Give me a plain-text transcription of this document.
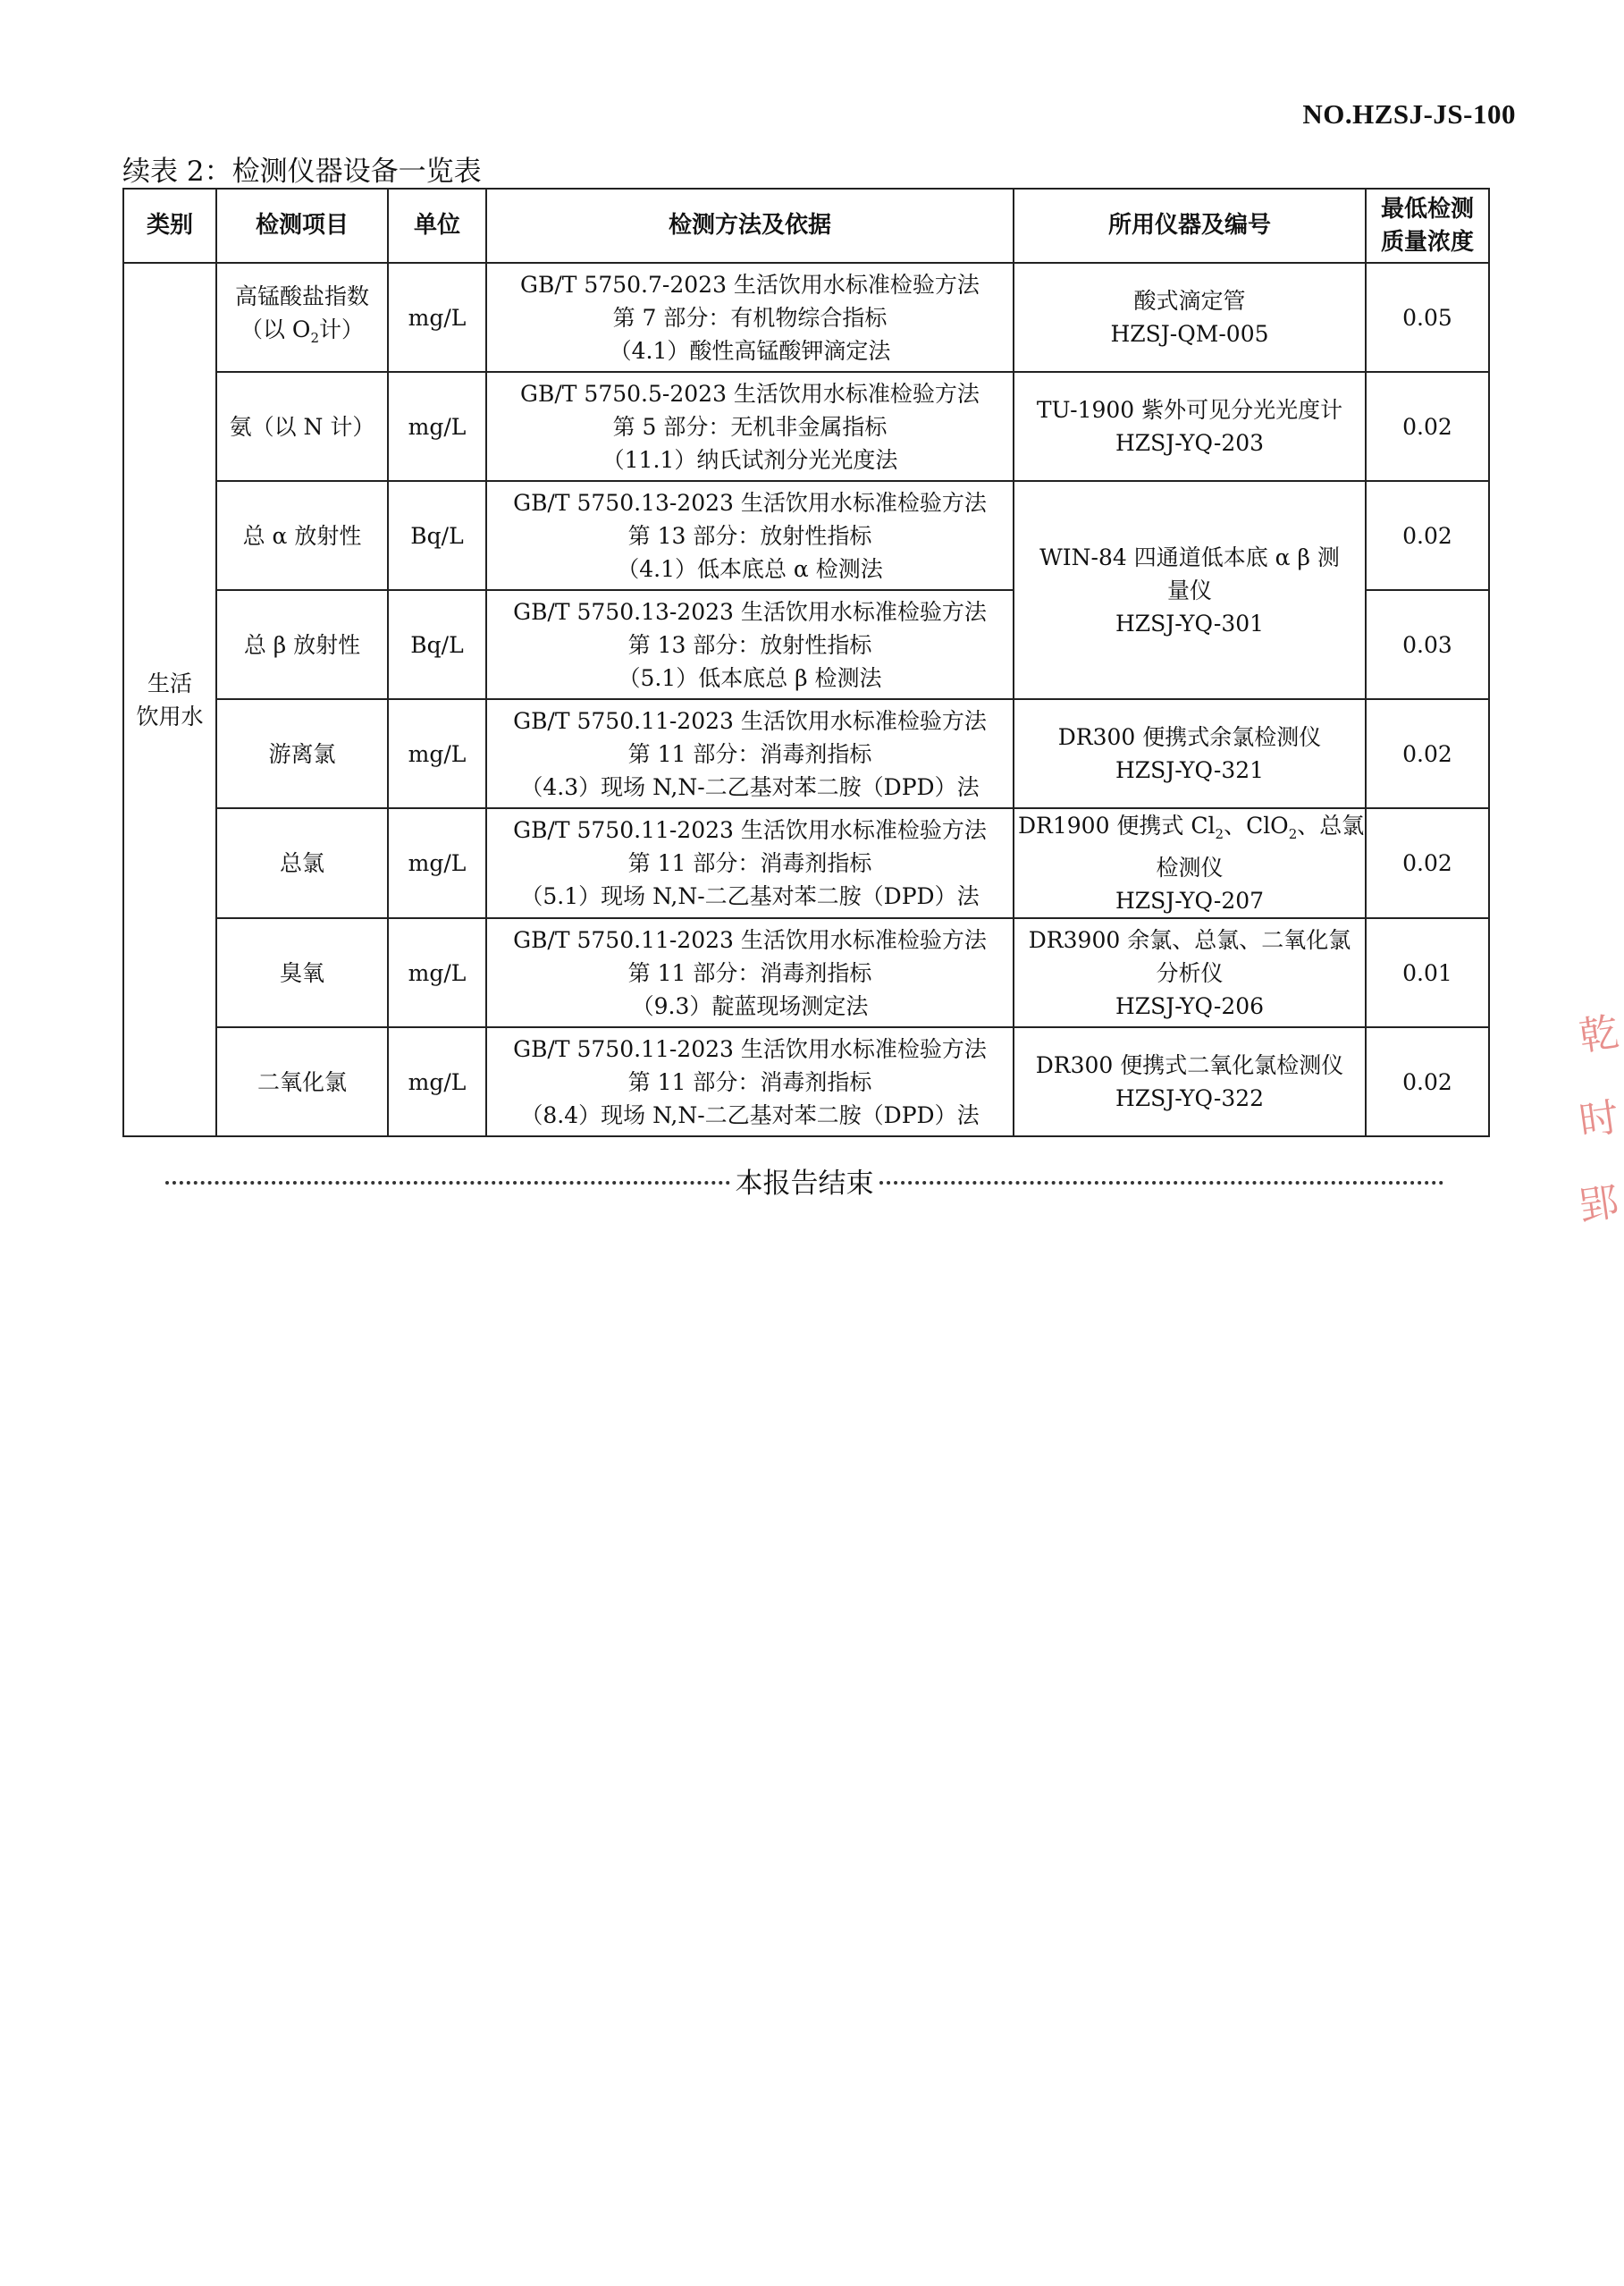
NO.HZSJ-JS-100
续表 2：检测仪器设备一览表
类别	检测项目	单位	检测方法及依据	所用仪器及编号	最低检测
质量浓度

生活
饮用水	高锰酸盐指数
（以 $O_2$计）	mg/L	GB/T 5750.7-2023 生活饮用水标准检验方法
第 7 部分：有机物综合指标
（4.1）酸性高锰酸钾滴定法	酸式滴定管
HZSJ-QM-005	0.05
	氨（以 N 计）	mg/L	GB/T 5750.5-2023 生活饮用水标准检验方法
第 5 部分：无机非金属指标
（11.1）纳氏试剂分光光度法	TU-1900 紫外可见分光光度计
HZSJ-YQ-203	0.02
	总 α 放射性	Bq/L	GB/T 5750.13-2023 生活饮用水标准检验方法
第 13 部分：放射性指标
（4.1）低本底总 α 检测法	WIN-84 四通道低本底 α β 测
量仪
HZSJ-YQ-301	0.02
	总 β 放射性	Bq/L	GB/T 5750.13-2023 生活饮用水标准检验方法
第 13 部分：放射性指标
（5.1）低本底总 β 检测法		0.03
	游离氯	mg/L	GB/T 5750.11-2023 生活饮用水标准检验方法
第 11 部分：消毒剂指标
（4.3）现场 N,N-二乙基对苯二胺（DPD）法	DR300 便携式余氯检测仪
HZSJ-YQ-321	0.02
	总氯	mg/L	GB/T 5750.11-2023 生活饮用水标准检验方法
第 11 部分：消毒剂指标
（5.1）现场 N,N-二乙基对苯二胺（DPD）法	DR1900 便携式 $Cl_2$、ClO$_2$、总氯
检测仪
HZSJ-YQ-207	0.02
	臭氧	mg/L	GB/T 5750.11-2023 生活饮用水标准检验方法
第 11 部分：消毒剂指标
（9.3）靛蓝现场测定法	DR3900 余氯、总氯、二氧化氯
分析仪
HZSJ-YQ-206	0.01
	二氧化氯	mg/L	GB/T 5750.11-2023 生活饮用水标准检验方法
第 11 部分：消毒剂指标
（8.4）现场 N,N-二乙基对苯二胺（DPD）法	DR300 便携式二氧化氯检测仪
HZSJ-YQ-322	0.02
本报告结束
乾
时
郢
